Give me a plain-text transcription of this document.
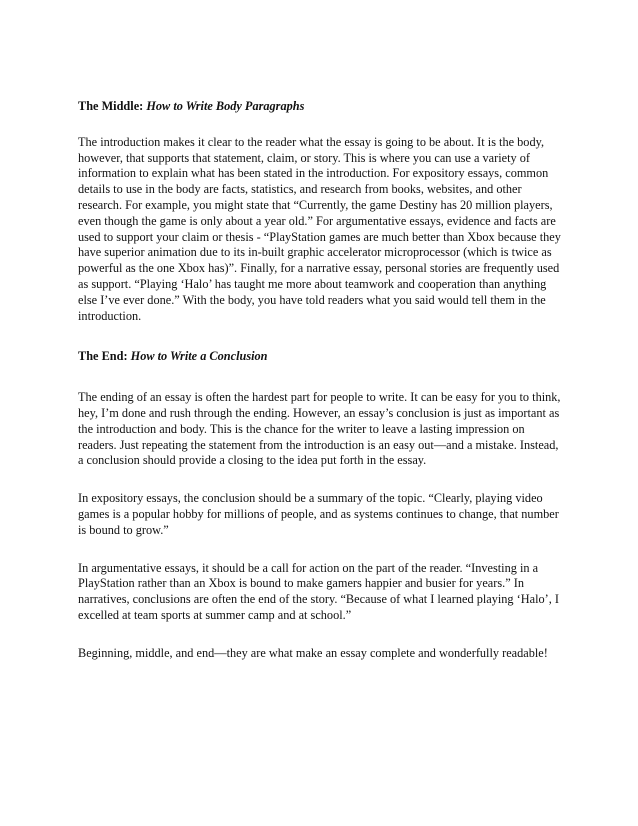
The Middle: How to Write Body Paragraphs

The introduction makes it clear to the reader what the essay is going to be about. It is the body, however, that supports that statement, claim, or story. This is where you can use a variety of information to explain what has been stated in the introduction. For expository essays, common details to use in the body are facts, statistics, and research from books, websites, and other research. For example, you might state that “Currently, the game Destiny has 20 million players, even though the game is only about a year old.” For argumentative essays, evidence and facts are used to support your claim or thesis - “PlayStation games are much better than Xbox because they have superior animation due to its in-built graphic accelerator microprocessor (which is twice as powerful as the one Xbox has)”. Finally, for a narrative essay, personal stories are frequently used as support. “Playing ‘Halo’ has taught me more about teamwork and cooperation than anything else I’ve ever done.” With the body, you have told readers what you said would tell them in the introduction.

The End: How to Write a Conclusion

The ending of an essay is often the hardest part for people to write. It can be easy for you to think, hey, I’m done and rush through the ending. However, an essay’s conclusion is just as important as the introduction and body. This is the chance for the writer to leave a lasting impression on readers. Just repeating the statement from the introduction is an easy out—and a mistake. Instead, a conclusion should provide a closing to the idea put forth in the essay.

In expository essays, the conclusion should be a summary of the topic. “Clearly, playing video games is a popular hobby for millions of people, and as systems continues to change, that number is bound to grow.”

In argumentative essays, it should be a call for action on the part of the reader. “Investing in a PlayStation rather than an Xbox is bound to make gamers happier and busier for years.” In narratives, conclusions are often the end of the story. “Because of what I learned playing ‘Halo’, I excelled at team sports at summer camp and at school.”

Beginning, middle, and end—they are what make an essay complete and wonderfully readable!
